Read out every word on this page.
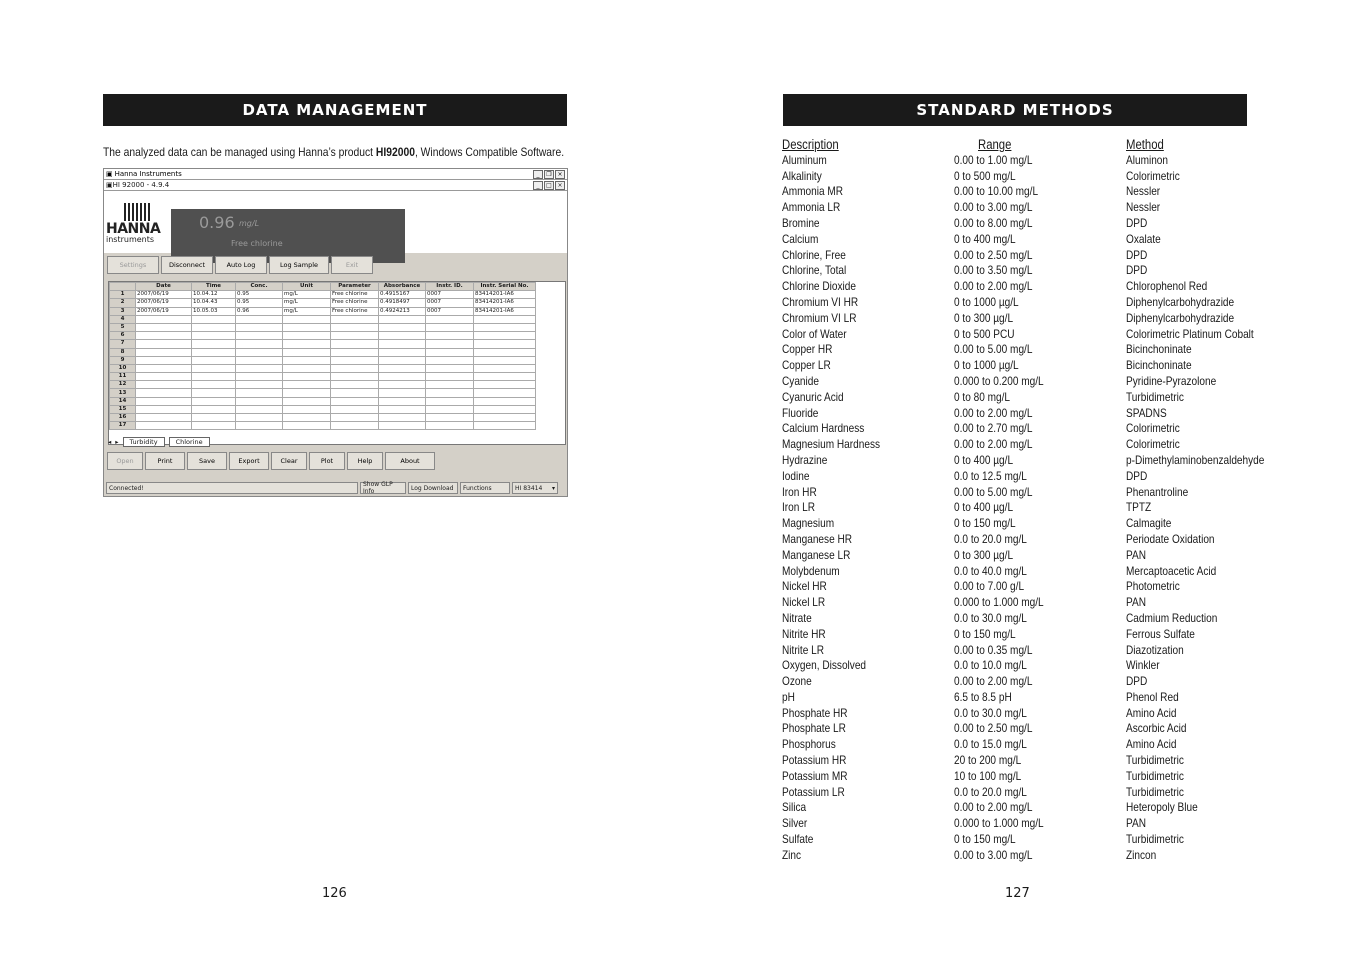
DATA MANAGEMENT
The analyzed data can be managed using Hanna’s product HI92000, Windows Compatible Software.
▣ Hanna Instruments	_	❐ ×
▣HI 92000 - 4.9.4	_	□ ×
HANNA
instruments
0.96 mg/L
Free chlorine
Settings	Disconnect	Auto Log	Log Sample	Exit
	Date	Time	Conc.	Unit	Parameter	Absorbance	Instr. ID.	Instr. Serial No.
1	2007/06/19	10.04.12	0.95	mg/L	Free chlorine	0.4915167	0007	83414201-IA6
2	2007/06/19	10.04.43	0.95	mg/L	Free chlorine	0.4918497	0007	83414201-IA6
3	2007/06/19	10.05.03	0.96	mg/L	Free chlorine	0.4924213	0007	83414201-IA6
4								
5								
6								
7								
8								
9								
10								
11								
12								
13								
14								
15								
16								
17								
◂ ▸	Turbidity	Chlorine
Open	Print	Save	Export	Clear	Plot	Help	About
Connected!	Show GLP Info	Log Download	Functions	HI 83414 ▾
126
STANDARD METHODS
Description	Range	Method
Aluminum	0.00 to 1.00 mg/L	Aluminon
Alkalinity	0 to 500 mg/L	Colorimetric
Ammonia MR	0.00 to 10.00 mg/L	Nessler
Ammonia LR	0.00 to 3.00 mg/L	Nessler
Bromine	0.00 to 8.00 mg/L	DPD
Calcium	0 to 400 mg/L	Oxalate
Chlorine, Free	0.00 to 2.50 mg/L	DPD
Chlorine, Total	0.00 to 3.50 mg/L	DPD
Chlorine Dioxide	0.00 to 2.00 mg/L	Chlorophenol Red
Chromium VI HR	0 to 1000 µg/L	Diphenylcarbohydrazide
Chromium VI LR	0 to 300 µg/L	Diphenylcarbohydrazide
Color of Water	0 to 500 PCU	Colorimetric Platinum Cobalt
Copper HR	0.00 to 5.00 mg/L	Bicinchoninate
Copper LR	0 to 1000 µg/L	Bicinchoninate
Cyanide	0.000 to 0.200 mg/L	Pyridine-Pyrazolone
Cyanuric Acid	0 to 80 mg/L	Turbidimetric
Fluoride	0.00 to 2.00 mg/L	SPADNS
Calcium Hardness	0.00 to 2.70 mg/L	Colorimetric
Magnesium Hardness	0.00 to 2.00 mg/L	Colorimetric
Hydrazine	0 to 400 µg/L	p-Dimethylaminobenzaldehyde
Iodine	0.0 to 12.5 mg/L	DPD
Iron HR	0.00 to 5.00 mg/L	Phenantroline
Iron LR	0 to 400 µg/L	TPTZ
Magnesium	0 to 150 mg/L	Calmagite
Manganese HR	0.0 to 20.0 mg/L	Periodate Oxidation
Manganese LR	0 to 300 µg/L	PAN
Molybdenum	0.0 to 40.0 mg/L	Mercaptoacetic Acid
Nickel HR	0.00 to 7.00 g/L	Photometric
Nickel LR	0.000 to 1.000 mg/L	PAN
Nitrate	0.0 to 30.0 mg/L	Cadmium Reduction
Nitrite HR	0 to 150 mg/L	Ferrous Sulfate
Nitrite LR	0.00 to 0.35 mg/L	Diazotization
Oxygen, Dissolved	0.0 to 10.0 mg/L	Winkler
Ozone	0.00 to 2.00 mg/L	DPD
pH	6.5 to 8.5 pH	Phenol Red
Phosphate HR	0.0 to 30.0 mg/L	Amino Acid
Phosphate LR	0.00 to 2.50 mg/L	Ascorbic Acid
Phosphorus	0.0 to 15.0 mg/L	Amino Acid
Potassium HR	20 to 200 mg/L	Turbidimetric
Potassium MR	10 to 100 mg/L	Turbidimetric
Potassium LR	0.0 to 20.0 mg/L	Turbidimetric
Silica	0.00 to 2.00 mg/L	Heteropoly Blue
Silver	0.000 to 1.000 mg/L	PAN
Sulfate	0 to 150 mg/L	Turbidimetric
Zinc	0.00 to 3.00 mg/L	Zincon
127
